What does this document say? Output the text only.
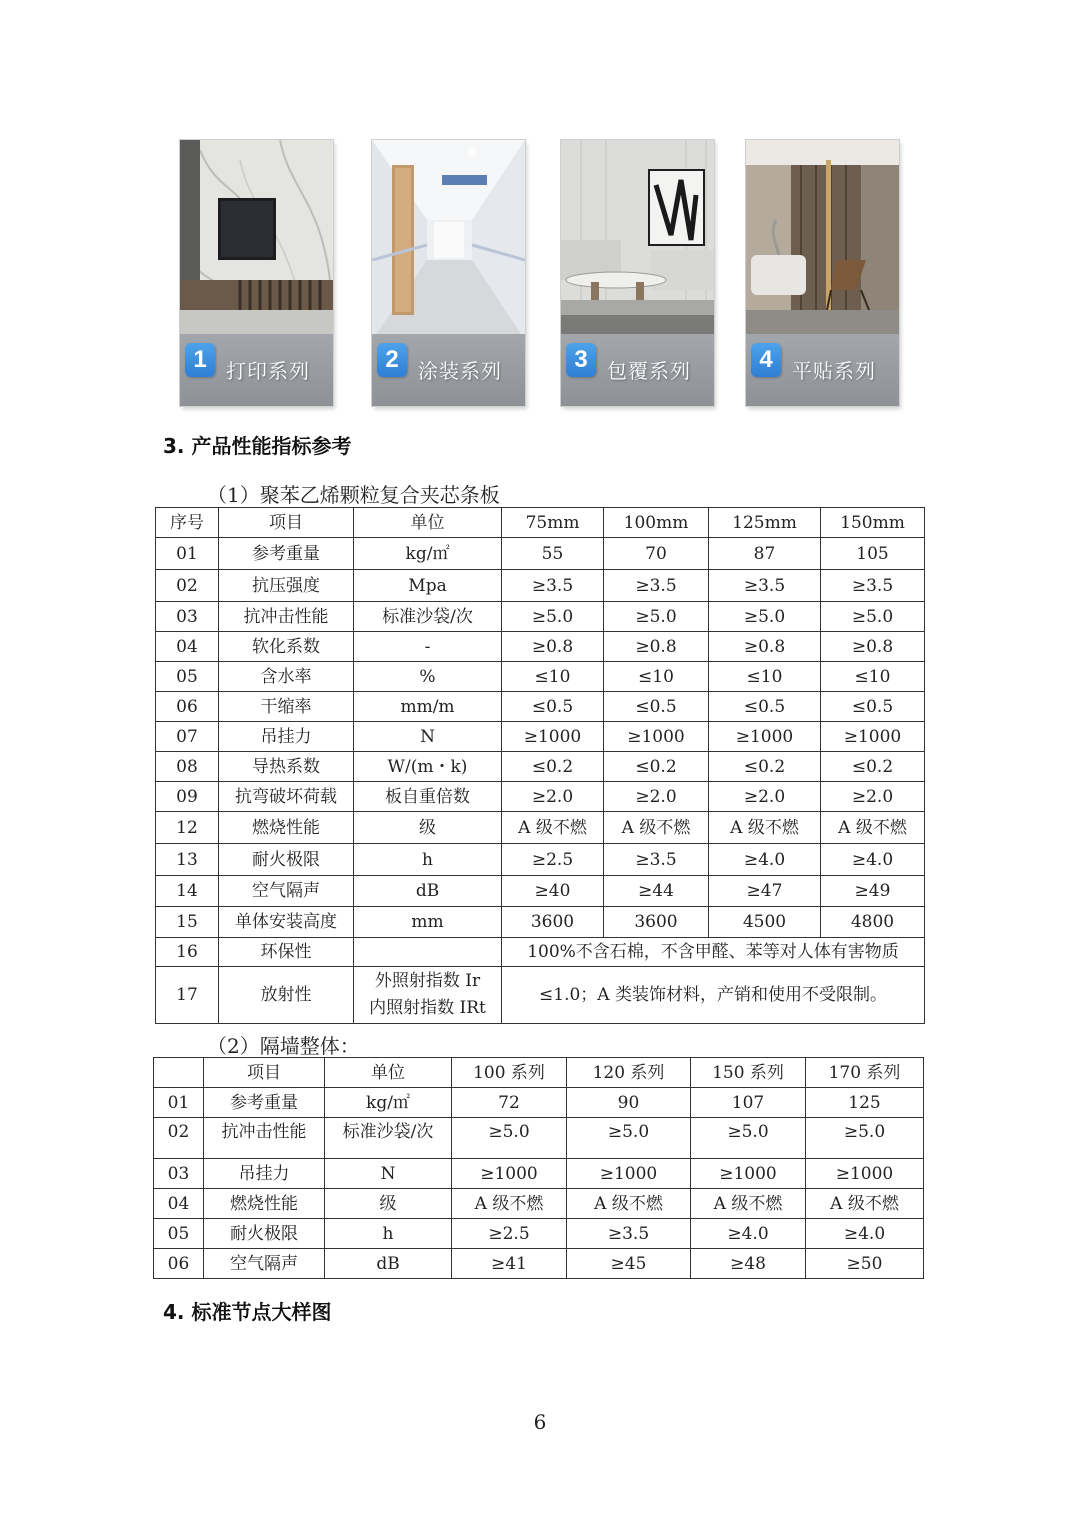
1 打印系列	2 涂装系列	3 包覆系列	4 平贴系列
3. 产品性能指标参考

（1）聚苯乙烯颗粒复合夹芯条板

序号	项目	单位	75mm	100mm	125mm	150mm
01	参考重量	kg/㎡	55	70	87	105
02	抗压强度	Mpa	≥3.5	≥3.5	≥3.5	≥3.5
03	抗冲击性能	标准沙袋/次	≥5.0	≥5.0	≥5.0	≥5.0
04	软化系数	-	≥0.8	≥0.8	≥0.8	≥0.8
05	含水率	%	≤10	≤10	≤10	≤10
06	干缩率	mm/m	≤0.5	≤0.5	≤0.5	≤0.5
07	吊挂力	N	≥1000	≥1000	≥1000	≥1000
08	导热系数	W/(m・k)	≤0.2	≤0.2	≤0.2	≤0.2
09	抗弯破坏荷载	板自重倍数	≥2.0	≥2.0	≥2.0	≥2.0
12	燃烧性能	级	A 级不燃	A 级不燃	A 级不燃	A 级不燃
13	耐火极限	h	≥2.5	≥3.5	≥4.0	≥4.0
14	空气隔声	dB	≥40	≥44	≥47	≥49
15	单体安装高度	mm	3600	3600	4500	4800
16	环保性		100%不含石棉，不含甲醛、苯等对人体有害物质			
17	放射性	外照射指数 Ir
内照射指数 IRt	≤1.0；A 类装饰材料，产销和使用不受限制。			

（2）隔墙整体：

	项目	单位	100 系列	120 系列	150 系列	170 系列
01	参考重量	kg/㎡	72	90	107	125
02	抗冲击性能	标准沙袋/次	≥5.0	≥5.0	≥5.0	≥5.0
03	吊挂力	N	≥1000	≥1000	≥1000	≥1000
04	燃烧性能	级	A 级不燃	A 级不燃	A 级不燃	A 级不燃
05	耐火极限	h	≥2.5	≥3.5	≥4.0	≥4.0
06	空气隔声	dB	≥41	≥45	≥48	≥50
4. 标准节点大样图
6
